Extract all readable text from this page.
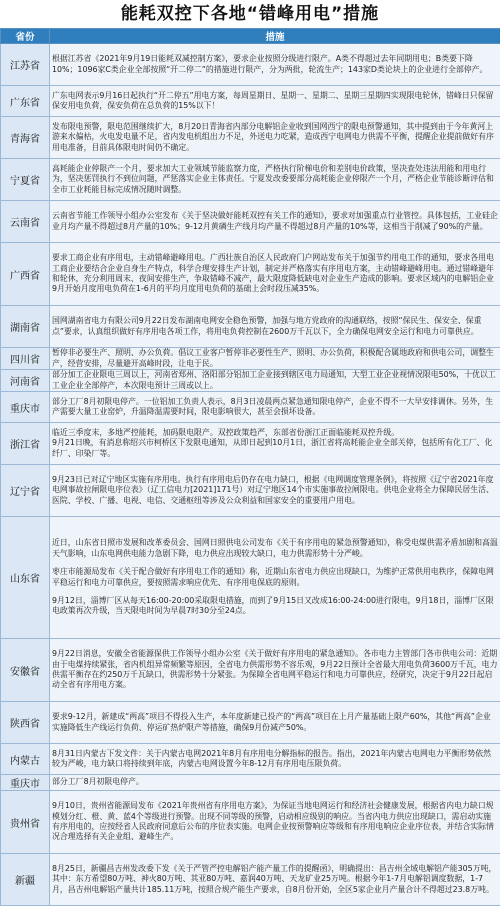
能耗双控下各地“错峰用电”措施
省份	措施
江苏省	根据江苏省《2021年9月19日能耗双减控制方案》，要求企业按照分级进行限产。A类不得超过去年同期用电；B类要下降10%；1096家C类企业全部按照“开二停二”的措施进行限产，分为两批，轮流生产；143家D类论块上的企业进行全部停产。

广东省	广东电网表示9月16日起执行“开二停五”用电方案，每周星期日、星期一、星期二、星期三星期四实现限电轮休，错峰日只保留保安用电负荷，保安负荷在总负荷的15%以下！

青海省	发布限电预警，限电范围继续扩大，8月20日青海省内部分电解铝企业收到国网西宁的限电预警通知，其中提到由于今年黄河上游来水偏枯，火电发电量不足，省内发电机组出力不足，外送电力吃紧，造成西宁电网电力供需不平衡，提醒企业提前做好有序用电准备，目前具体限电时间仍不确定。

宁夏省	高耗能企业停限产一个月，要求加大工业领域节能监察力度，严格执行阶梯电价和差别电价政策，坚决查处违法用能和用电行为，坚决惩罚执行不到位问题，严惩落实企业主体责任。宁夏发改委要部分高耗能企业停限产一个月，严格企业节能诊断评估和全市工业耗能目标完成情况随时调整。

云南省	云南省节能工作领导小组办公室发布《关于坚决做好能耗双控有关工作的通知》，要求对加强重点行业管控。具体包括，工业硅企业月均产量不得超过8月产量的10%；9-12月黄磷生产线月均产量不得超过8月产量的10%等，这相当于削减了90%的产量。

广西省	要求工商企业有序用电，主动错峰避峰用电。广西壮族自治区人民政府门户网站发布关于加强节约用电工作的通知，要求各用电工商企业要结合企业自身生产特点，科学合理安排生产计划，制定并严格落实有序用电方案，主动错峰避峰用电。通过错峰避年和轮休，充分利用周末、夜间安排生产，争取错峰不减产，最大限度降低缺电对企业生产造成的影响。要求区域内的电解铝企业9月开始月度用电负荷在1-6月的平均月度用电负荷的基础上会时段压减35%。

湖南省	国网湖南省电力有限公司9月22日发布湖南电网安全稳色预警，加强与地方党政府的沟通联络，按照“保民生、保安全、保重点”要求，认真组织做好有序用电各项工作，将用电负荷控制在2600万千瓦以下，全力确保电网安全运行和电力可靠供应。

四川省	暂停非必要生产、照明、办公负荷。倡议工业客户暂停非必要性生产、照明、办公负荷，积极配合属地政府和供电公司，调整生产，经营安排，尽量避开高峰时段，让电于民。

河南省	部分加工企业限电三周以上，河南省郑州、洛阳部分铝加工企业接到辖区电力局通知，大型工业企业视情况限电50%，十优以工工业企业全部停产，本次限电预计三周或以上。

重庆市	部分工厂8月初限电停产。一位铝加工负责人表示，8月3日凌晨两点紧急通知限电停产，企业不得不一大早安排调休。另外，生产需要大量工业窑炉，升温降温需要时间，限电影响很大，甚至会损坏设备。

浙江省	临近三季度末，多地严控能耗，加码限电限产。双控政策趋严，东部省份浙江正面临能耗双控升级。

9月21日晚，有消息称绍兴市柯桥区下发限电通知，从即日起到10月1日，浙江省将高耗能企业全部关停，包括所有化工厂、化纤厂、印染厂等。

辽宁省	9月23日已对辽宁地区实施有序用电。执行有序用电后仍存在电力缺口，根据《电网调度管理条例》，将按照《辽宁省2021年度电网事故拉闸限电序位表》（辽工信电力[2021]171号）对辽宁地区14个市实施事故拉闸限电。供电企业将全力保障民居生活、医院、学校、广播、电视、电信、交通枢纽等涉及公众利益和国家安全的重要用户用电。

山东省	近日，山东省日照市发展和改革委员会、国网日照供电公司发布《关于有序用电的紧急预警通知》，称受电煤供需矛盾加剧和高温天气影响，山东电网供电能力急剧下降，电力供应出现较大缺口，电力供需形势十分严峻。

枣庄市能源局发布《关于配合做好有序用电工作的通知》称，近期山东省电力供应出现缺口，为维护正常供用电秩序，保障电网平稳运行和电力可靠供应，要按照需求响应优先、有序用电保底的原则。

9月12日，淄博厂区从每天16:00-20:00采取限电措施，而到了9月15日又改成16:00-24:00进行限电，9月18日，淄博厂区限电政策再次升级，当天限电时间为早晨7时30分至24点。

安徽省	9月22日消息，安徽全省能源保供工作领导小组办公室《关于做好有序用电的紧急通知》。各市电力主管部门各市供电公司：近期由于电煤持续紧张，省内机组异常频繁等原因，全省电力供需形势不容乐观，9月22日预计全省最大用电负荷3600万千瓦，电力供需平衡存在约250万千瓦缺口，供需形势十分紧张。为保障全省电网平稳运行和电力可靠供应，经研究，决定于9月22日起启动全省有序用电方案。

陕西省	要求9-12月，新建成“两高”项目不得投入生产，本年度新建已投产的“两高”项目在上月产量基础上限产60%，其他“两高”企业实施降低生产线运行负荷、停运矿热炉限产等措施，确保9月份减产50%。

内蒙古	8月31日内蒙古下发文件：关于内蒙古电网2021年8月有序用电分解指标的报告。指出，2021年内蒙古电网电力平衡形势依然较为严峻，电力缺口将持续到年底，内蒙古电网设置今年8-12月有序用电压限负荷。

重庆市	部分工厂8月初限电停产。

贵州省	9月10日，贵州省能源局发布《2021年贵州省有序用电方案》，为保证当地电网运行和经济社会健康发展，根据省内电力缺口规模划分红、橙、黄、蓝4个等级进行预警。出现不同等级的预警，启动相应级别的响应。当省内电力供应出现缺口，需启动实施有序用电的，应按经省人民政府同意后公布的序位表实施。电网企业按预警响应等级和有序用电响应企业序位表，并结合实际情况合理选择有关企业组、避峰生产。

新疆	8月25日，新疆昌吉州发改委下发《关于严管严控电解铝产能产量工作的提醒函》，明确提出：昌吉州全域电解铝产能305万吨，其中：东方希望80万吨、神火80万吨、其亚80万吨、嘉润40万吨、天龙矿业25万吨。根据今年1-7月电解铝调度数据，1-7月，昌吉州电解铝产量共计185.11万吨，按照合规产能生产要求，自8月份开始，全区5家企业月产量合计不得超过23.8万吨。
